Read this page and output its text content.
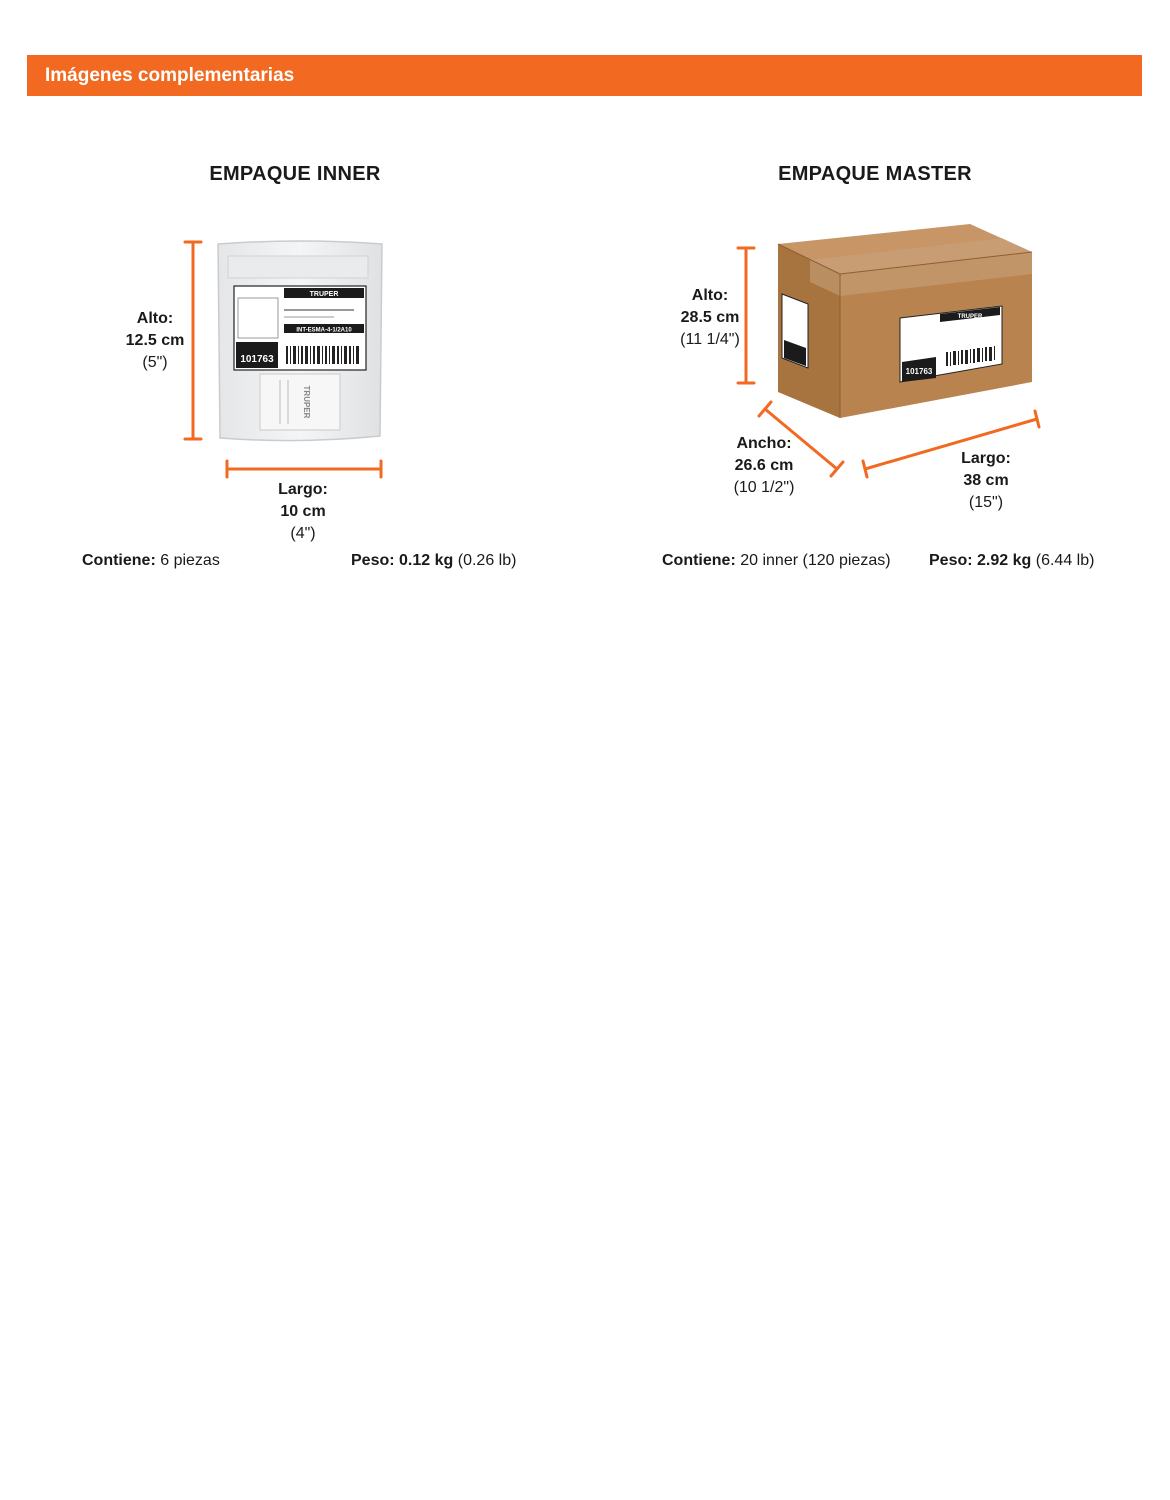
Imágenes complementarias
EMPAQUE INNER
TRUPER
INT-ESMA-4-1/2A10
101763
TRUPER
Alto:
12.5 cm
(5")
Largo:
10 cm
(4")
Contiene: 6 piezas	Peso: 0.12 kg (0.26 lb)
EMPAQUE MASTER
TRUPER
101763
Alto:
28.5 cm
(11 1/4")
Ancho:
26.6 cm
(10 1/2")
Largo:
38 cm
(15")
Contiene: 20 inner (120 piezas) Peso: 2.92 kg (6.44 lb)
